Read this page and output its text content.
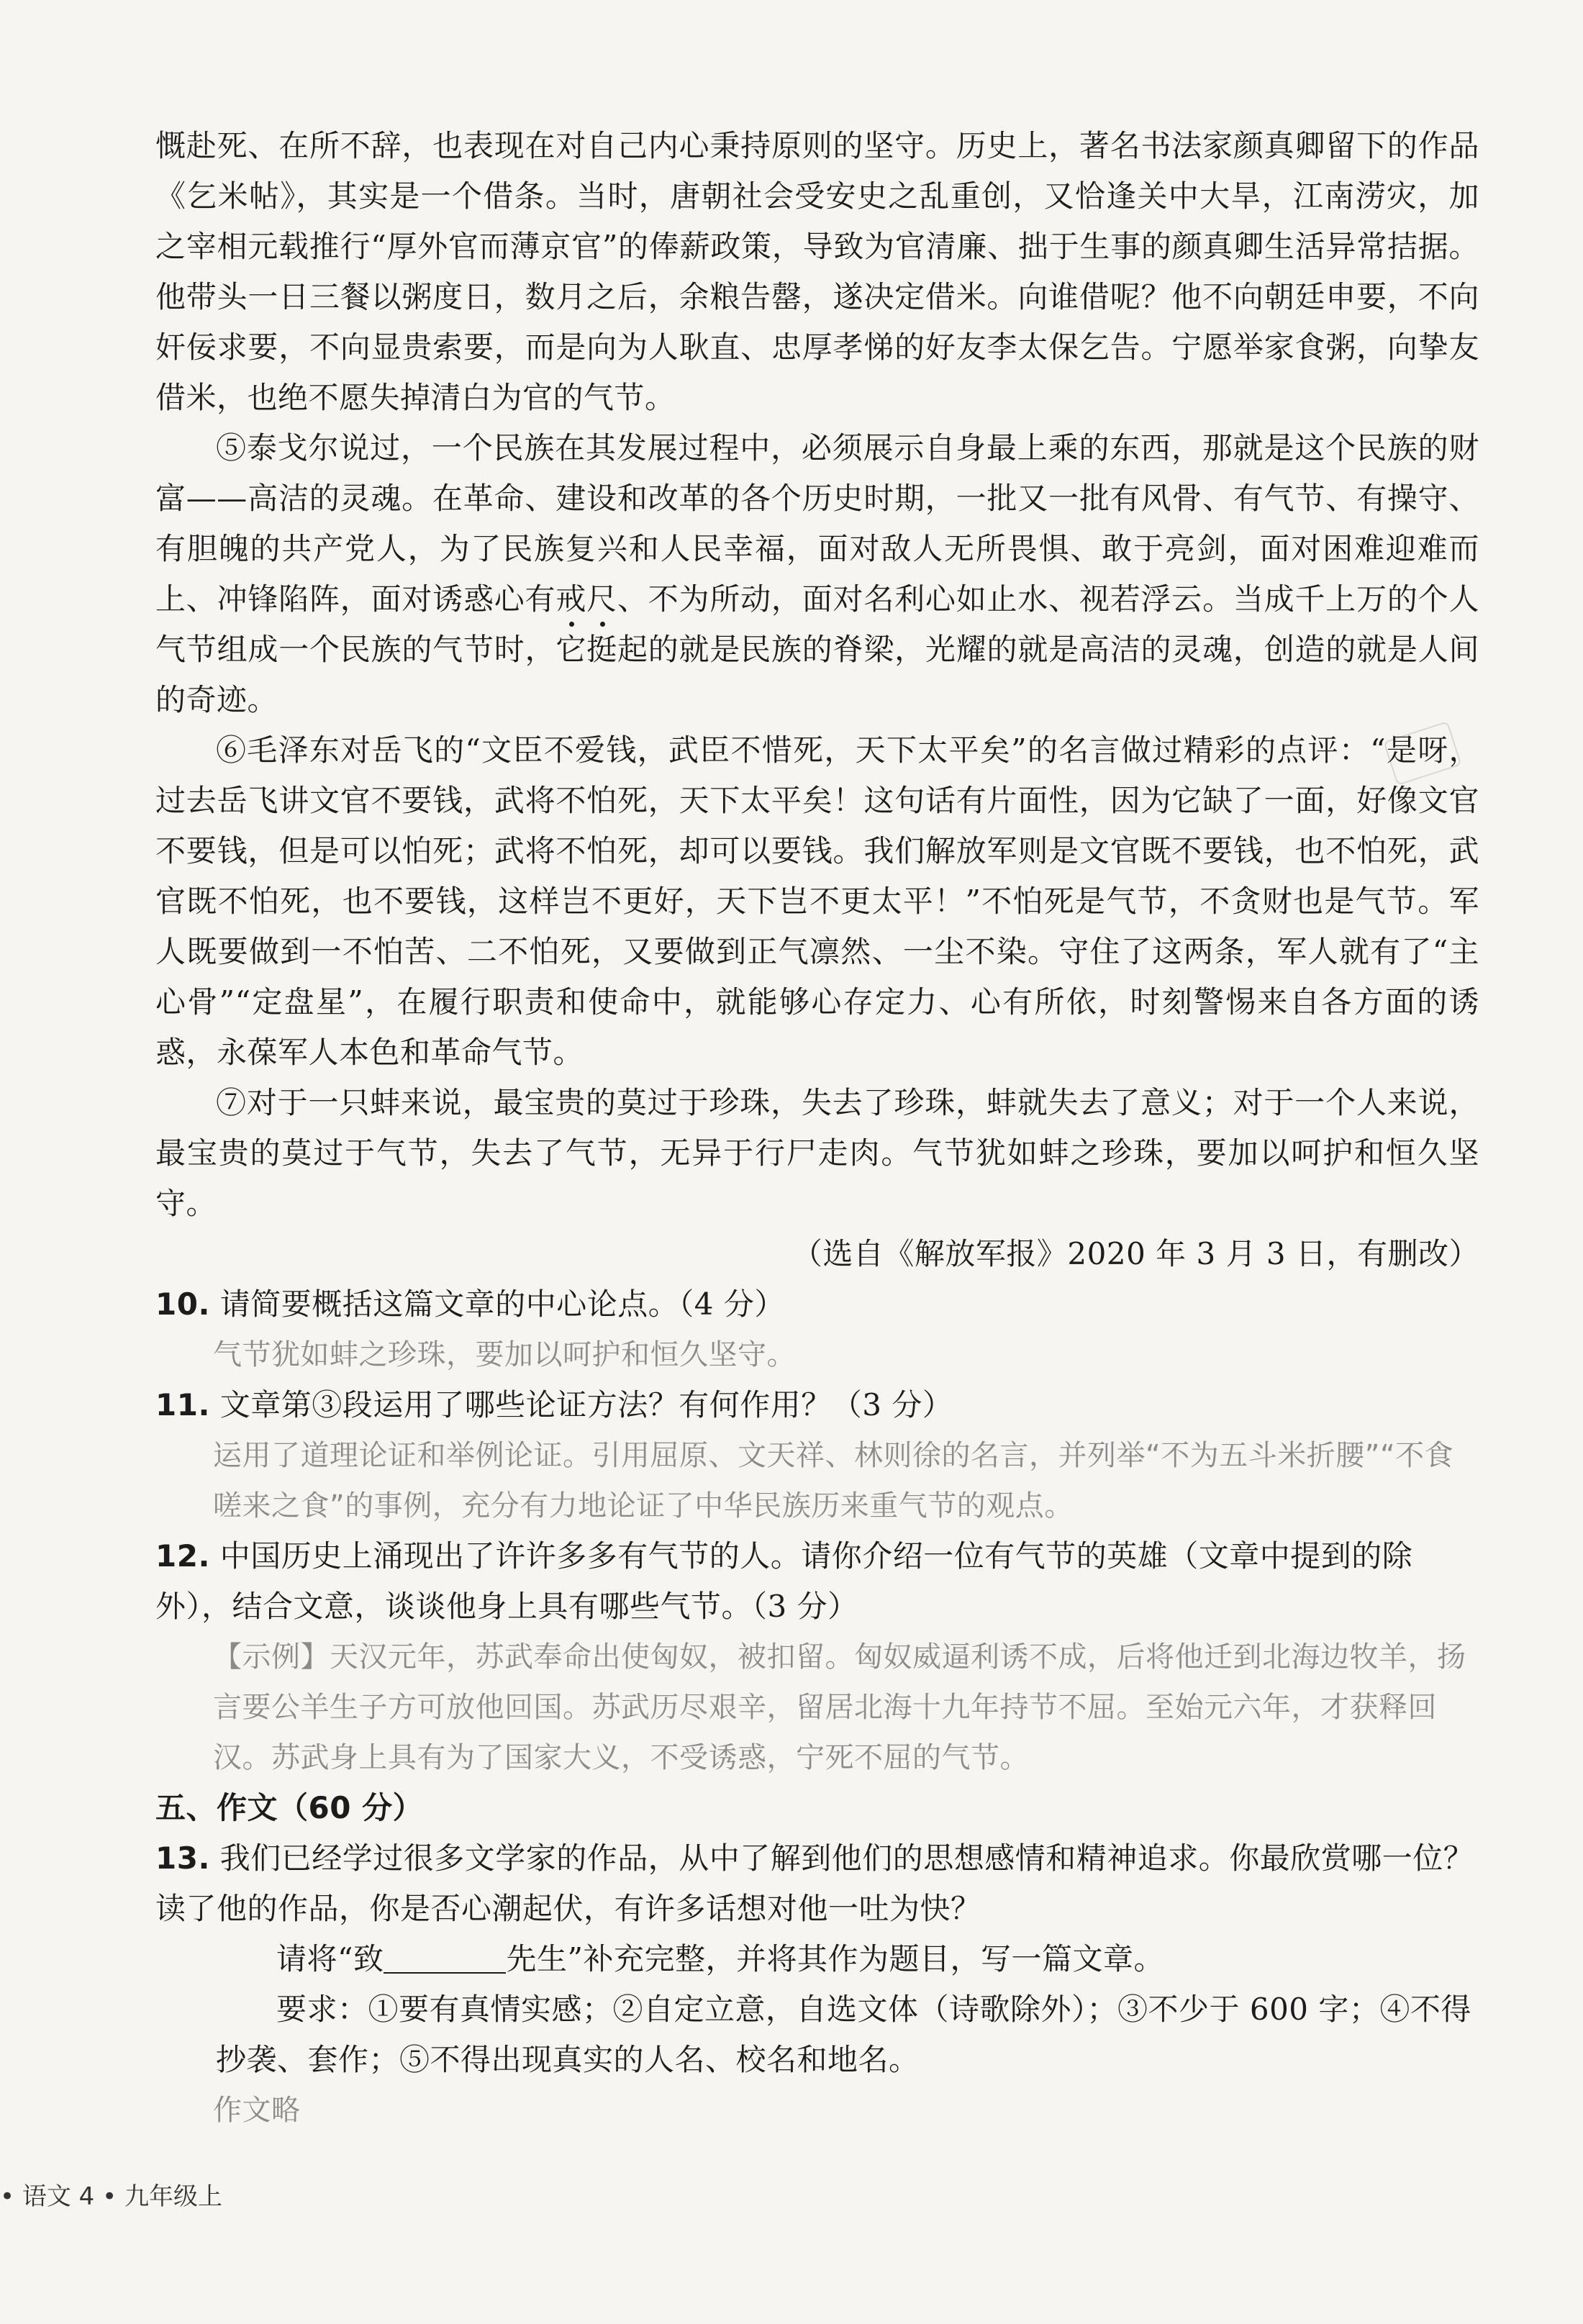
慨赴死、在所不辞，也表现在对自己内心秉持原则的坚守。历史上，著名书法家颜真卿留下的作品《乞米帖》，其实是一个借条。当时，唐朝社会受安史之乱重创，又恰逢关中大旱，江南涝灾，加之宰相元载推行“厚外官而薄京官”的俸薪政策，导致为官清廉、拙于生事的颜真卿生活异常拮据。他带头一日三餐以粥度日，数月之后，余粮告罄，遂决定借米。向谁借呢？他不向朝廷申要，不向奸佞求要，不向显贵索要，而是向为人耿直、忠厚孝悌的好友李太保乞告。宁愿举家食粥，向挚友借米，也绝不愿失掉清白为官的气节。

⑤泰戈尔说过，一个民族在其发展过程中，必须展示自身最上乘的东西，那就是这个民族的财富——高洁的灵魂。在革命、建设和改革的各个历史时期，一批又一批有风骨、有气节、有操守、有胆魄的共产党人，为了民族复兴和人民幸福，面对敌人无所畏惧、敢于亮剑，面对困难迎难而上、冲锋陷阵，面对诱惑心有戒
尺
、不为所动，面对名利心如止水、视若浮云。当成千上万的个人气节组成一个民族的气节时，它挺起的就是民族的脊梁，光耀的就是高洁的灵魂，创造的就是人间的奇迹。

⑥毛泽东对岳飞的“文臣不爱钱，武臣不惜死，天下太平矣”的名言做过精彩的点评：“是呀，过去岳飞讲文官不要钱，武将不怕死，天下太平矣！这句话有片面性，因为它缺了一面，好像文官不要钱，但是可以怕死；武将不怕死，却可以要钱。我们解放军则是文官既不要钱，也不怕死，武官既不怕死，也不要钱，这样岂不更好，天下岂不更太平！”不怕死是气节，不贪财也是气节。军人既要做到一不怕苦、二不怕死，又要做到正气凛然、一尘不染。守住了这两条，军人就有了“主心骨”“定盘星”，在履行职责和使命中，就能够心存定力、心有所依，时刻警惕来自各方面的诱惑，永葆军人本色和革命气节。

⑦对于一只蚌来说，最宝贵的莫过于珍珠，失去了珍珠，蚌就失去了意义；对于一个人来说，最宝贵的莫过于气节，失去了气节，无异于行尸走肉。气节犹如蚌之珍珠，要加以呵护和恒久坚守。

（选自《解放军报》2020 年 3 月 3 日，有删改）

10. 请简要概括这篇文章的中心论点。（4 分）

气节犹如蚌之珍珠，要加以呵护和恒久坚守。

11. 文章第③段运用了哪些论证方法？有何作用？（3 分）

运用了道理论证和举例论证。引用屈原、文天祥、林则徐的名言，并列举“不为五斗米折腰”“不食嗟来之食”的事例，充分有力地论证了中华民族历来重气节的观点。

12. 中国历史上涌现出了许许多多有气节的人。请你介绍一位有气节的英雄（文章中提到的除外），结合文意，谈谈他身上具有哪些气节。（3 分）

【示例】天汉元年，苏武奉命出使匈奴，被扣留。匈奴威逼利诱不成，后将他迁到北海边牧羊，扬言要公羊生子方可放他回国。苏武历尽艰辛，留居北海十九年持节不屈。至始元六年，才获释回汉。苏武身上具有为了国家大义，不受诱惑，宁死不屈的气节。

五、作文（60 分）

13. 我们已经学过很多文学家的作品，从中了解到他们的思想感情和精神追求。你最欣赏哪一位？读了他的作品，你是否心潮起伏，有许多话想对他一吐为快？

请将“致	先生”补充完整，并将其作为题目，写一篇文章。

要求：①要有真情实感；②自定立意，自选文体（诗歌除外）；③不少于 600 字；④不得抄袭、套作；⑤不得出现真实的人名、校名和地名。

作文略

• 语文 4 • 九年级上
